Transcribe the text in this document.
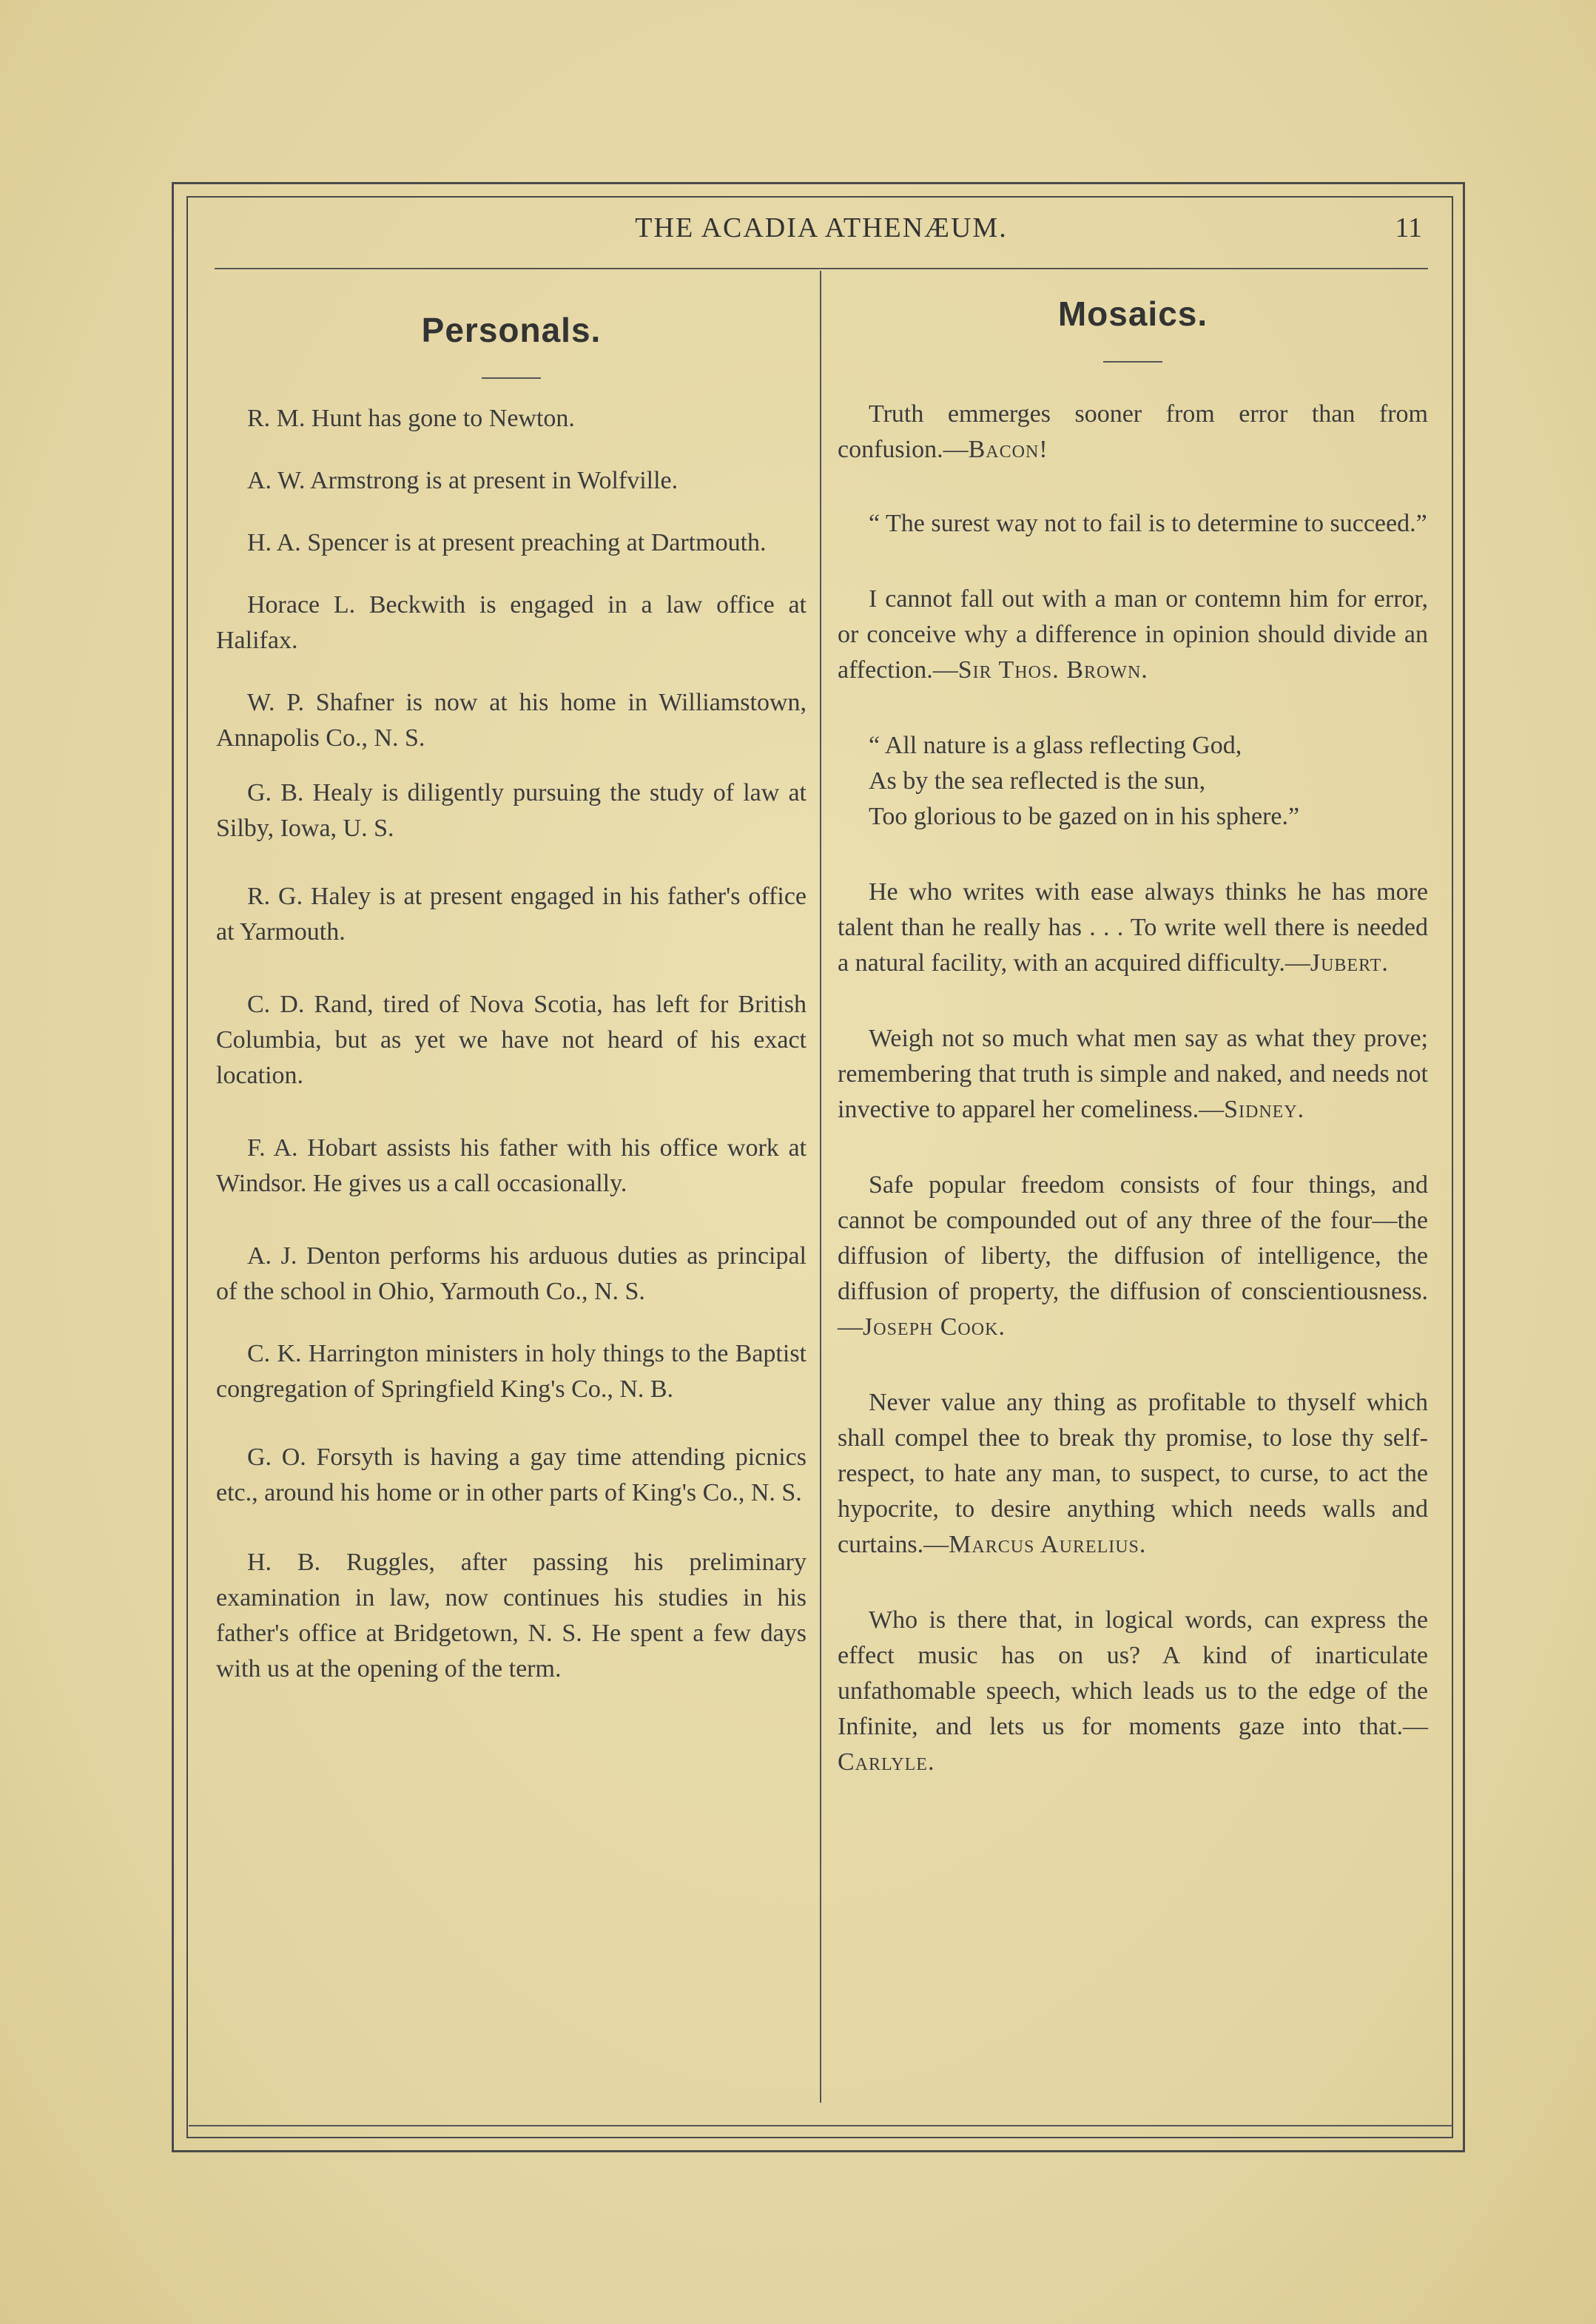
THE ACADIA ATHENÆUM.	11
Personals.

R. M. Hunt has gone to Newton.

A. W. Armstrong is at present in Wolfville.

H. A. Spencer is at present preaching at Dartmouth.

Horace L. Beckwith is engaged in a law office at Halifax.

W. P. Shafner is now at his home in Williamstown, Annapolis Co., N. S.

G. B. Healy is diligently pursuing the study of law at Silby, Iowa, U. S.

R. G. Haley is at present engaged in his father's office at Yarmouth.

C. D. Rand, tired of Nova Scotia, has left for British Columbia, but as yet we have not heard of his exact location.

F. A. Hobart assists his father with his office work at Windsor. He gives us a call occasionally.

A. J. Denton performs his arduous duties as principal of the school in Ohio, Yarmouth Co., N. S.

C. K. Harrington ministers in holy things to the Baptist congregation of Springfield King's Co., N. B.

G. O. Forsyth is having a gay time attending picnics etc., around his home or in other parts of King's Co., N. S.

H. B. Ruggles, after passing his preliminary examination in law, now continues his studies in his father's office at Bridgetown, N. S. He spent a few days with us at the opening of the term.

Mosaics.

Truth emmerges sooner from error than from confusion.—Bacon!

“ The surest way not to fail is to determine to succeed.”

I cannot fall out with a man or contemn him for error, or conceive why a difference in opinion should divide an affection.—Sir Thos. Brown.

“ All nature is a glass reflecting God,
As by the sea reflected is the sun,
Too glorious to be gazed on in his sphere.”

He who writes with ease always thinks he has more talent than he really has . . . To write well there is needed a natural facility, with an acquired difficulty.—Jubert.

Weigh not so much what men say as what they prove; remembering that truth is simple and naked, and needs not invective to apparel her comeliness.—Sidney.

Safe popular freedom consists of four things, and cannot be compounded out of any three of the four—the diffusion of liberty, the diffusion of intelligence, the diffusion of property, the diffusion of conscientiousness.—Joseph Cook.

Never value any thing as profitable to thyself which shall compel thee to break thy promise, to lose thy self-respect, to hate any man, to suspect, to curse, to act the hypocrite, to desire anything which needs walls and curtains.—Marcus Aurelius.

Who is there that, in logical words, can express the effect music has on us? A kind of inarticulate unfathomable speech, which leads us to the edge of the Infinite, and lets us for moments gaze into that.—Carlyle.
